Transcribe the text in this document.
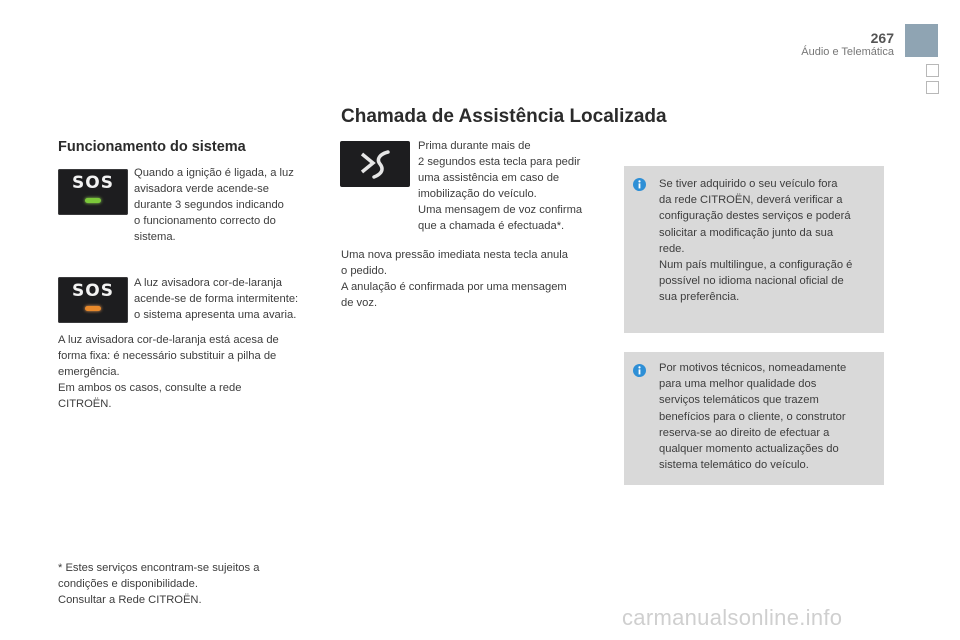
267
Áudio e Telemática
Chamada de Assistência Localizada
Funcionamento do sistema
SOS	Quando a ignição é ligada, a luz
avisadora verde acende-se
durante 3 segundos indicando
o funcionamento correcto do
sistema.

SOS	A luz avisadora cor-de-laranja
acende-se de forma intermitente:
o sistema apresenta uma avaria.

A luz avisadora cor-de-laranja está acesa de
forma fixa: é necessário substituir a pilha de
emergência.
Em ambos os casos, consulte a rede
CITROËN.

* Estes serviços encontram-se sujeitos a
condições e disponibilidade.
Consultar a Rede CITROËN.

Prima durante mais de
2 segundos esta tecla para pedir
uma assistência em caso de
imobilização do veículo.
Uma mensagem de voz confirma
que a chamada é efectuada*.

Uma nova pressão imediata nesta tecla anula
o pedido.
A anulação é confirmada por uma mensagem
de voz.

Se tiver adquirido o seu veículo fora
da rede CITROËN, deverá verificar a
configuração destes serviços e poderá
solicitar a modificação junto da sua
rede.
Num país multilingue, a configuração é
possível no idioma nacional oficial de
sua preferência.

Por motivos técnicos, nomeadamente
para uma melhor qualidade dos
serviços telemáticos que trazem
benefícios para o cliente, o construtor
reserva-se ao direito de efectuar a
qualquer momento actualizações do
sistema telemático do veículo.

carmanualsonline.info
